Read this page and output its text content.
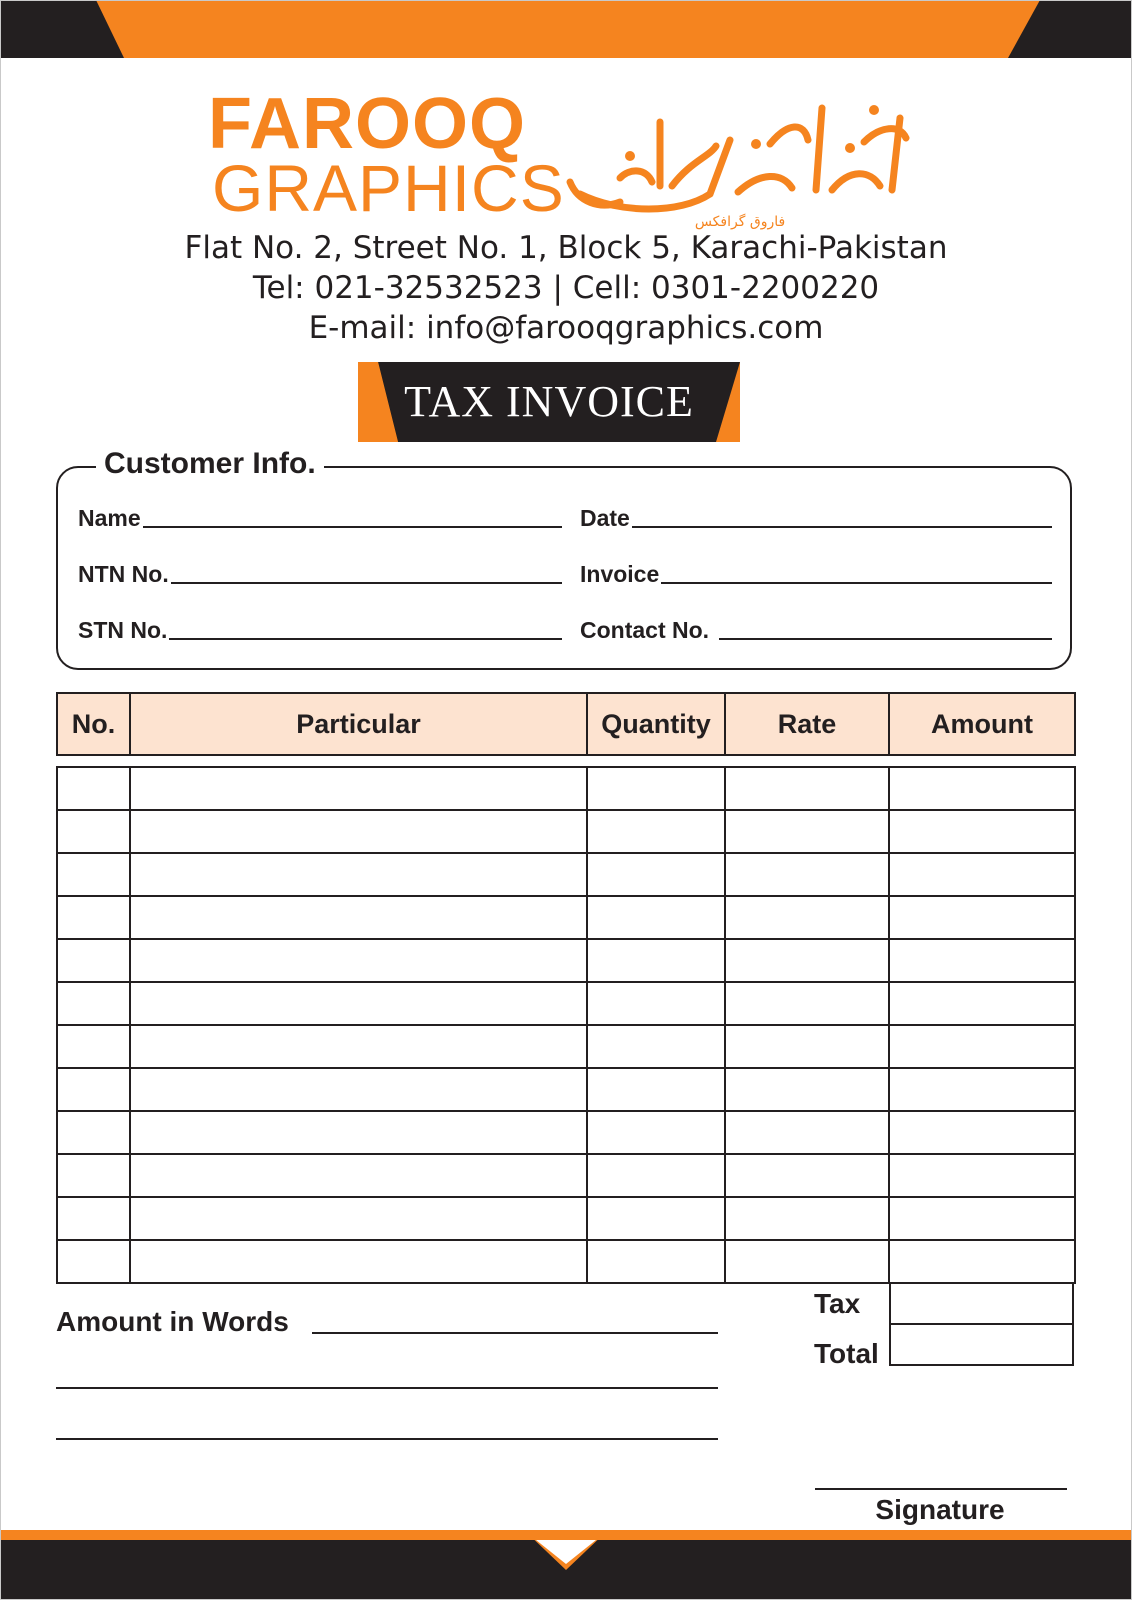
FAROOQ
GRAPHICS	فاروق گرافکس
Flat No. 2, Street No. 1, Block 5, Karachi-Pakistan
Tel: 021-32532523 | Cell: 0301-2200220
E-mail: info@farooqgraphics.com
TAX INVOICE
Customer Info.
Name	Date
NTN No.	Invoice
STN No.	Contact No.
No.	Particular	Quantity	Rate	Amount

Tax
Total
Amount in Words
Signature
